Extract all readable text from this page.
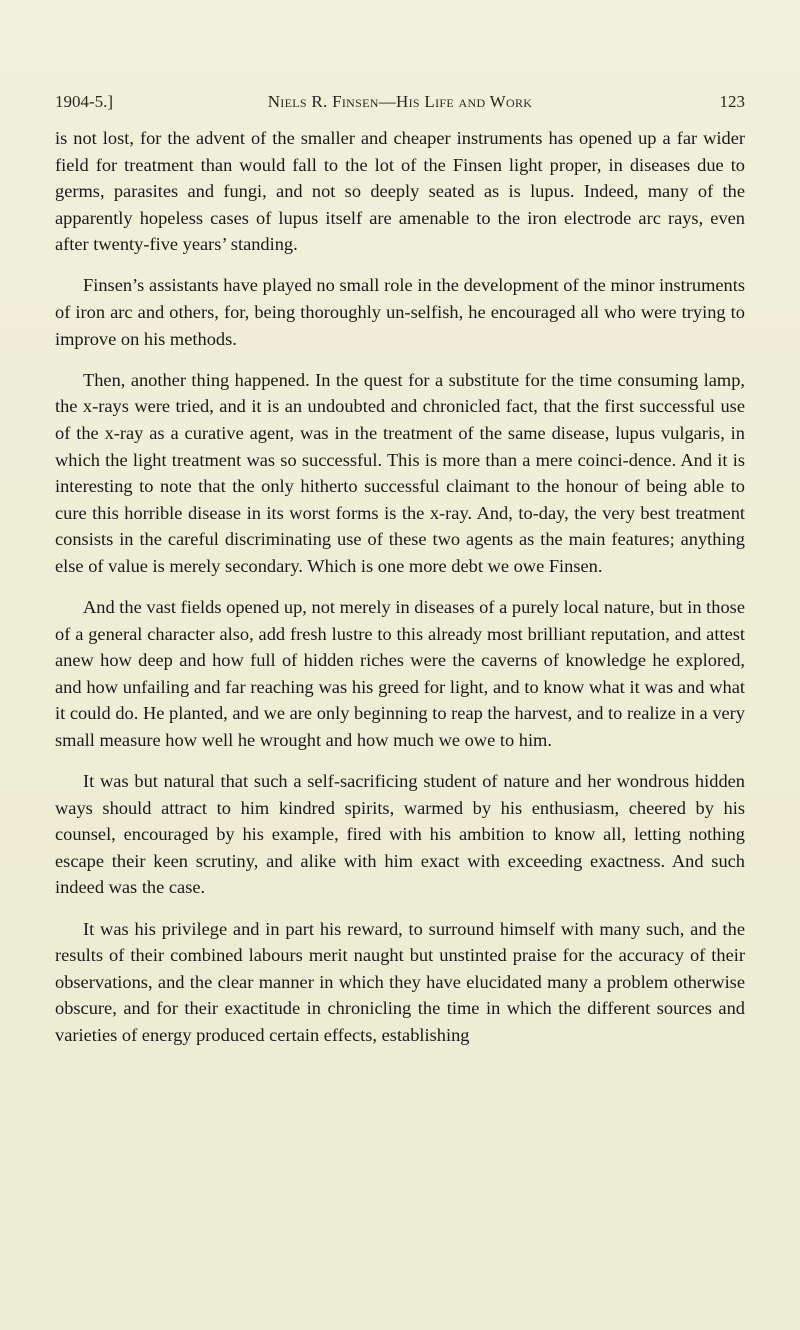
1904-5.]	Niels R. Finsen—His Life and Work	123

is not lost, for the advent of the smaller and cheaper instruments has opened up a far wider field for treatment than would fall to the lot of the Finsen light proper, in diseases due to germs, parasites and fungi, and not so deeply seated as is lupus. Indeed, many of the apparently hopeless cases of lupus itself are amenable to the iron electrode arc rays, even after twenty-five years’ standing.

Finsen’s assistants have played no small role in the development of the minor instruments of iron arc and others, for, being thoroughly un-selfish, he encouraged all who were trying to improve on his methods.

Then, another thing happened. In the quest for a substitute for the time consuming lamp, the x-rays were tried, and it is an undoubted and chronicled fact, that the first successful use of the x-ray as a curative agent, was in the treatment of the same disease, lupus vulgaris, in which the light treatment was so successful. This is more than a mere coinci-dence. And it is interesting to note that the only hitherto successful claimant to the honour of being able to cure this horrible disease in its worst forms is the x-ray. And, to-day, the very best treatment consists in the careful discriminating use of these two agents as the main features; anything else of value is merely secondary. Which is one more debt we owe Finsen.

And the vast fields opened up, not merely in diseases of a purely local nature, but in those of a general character also, add fresh lustre to this already most brilliant reputation, and attest anew how deep and how full of hidden riches were the caverns of knowledge he explored, and how unfailing and far reaching was his greed for light, and to know what it was and what it could do. He planted, and we are only beginning to reap the harvest, and to realize in a very small measure how well he wrought and how much we owe to him.

It was but natural that such a self-sacrificing student of nature and her wondrous hidden ways should attract to him kindred spirits, warmed by his enthusiasm, cheered by his counsel, encouraged by his example, fired with his ambition to know all, letting nothing escape their keen scrutiny, and alike with him exact with exceeding exactness. And such indeed was the case.

It was his privilege and in part his reward, to surround himself with many such, and the results of their combined labours merit naught but unstinted praise for the accuracy of their observations, and the clear manner in which they have elucidated many a problem otherwise obscure, and for their exactitude in chronicling the time in which the different sources and varieties of energy produced certain effects, establishing
